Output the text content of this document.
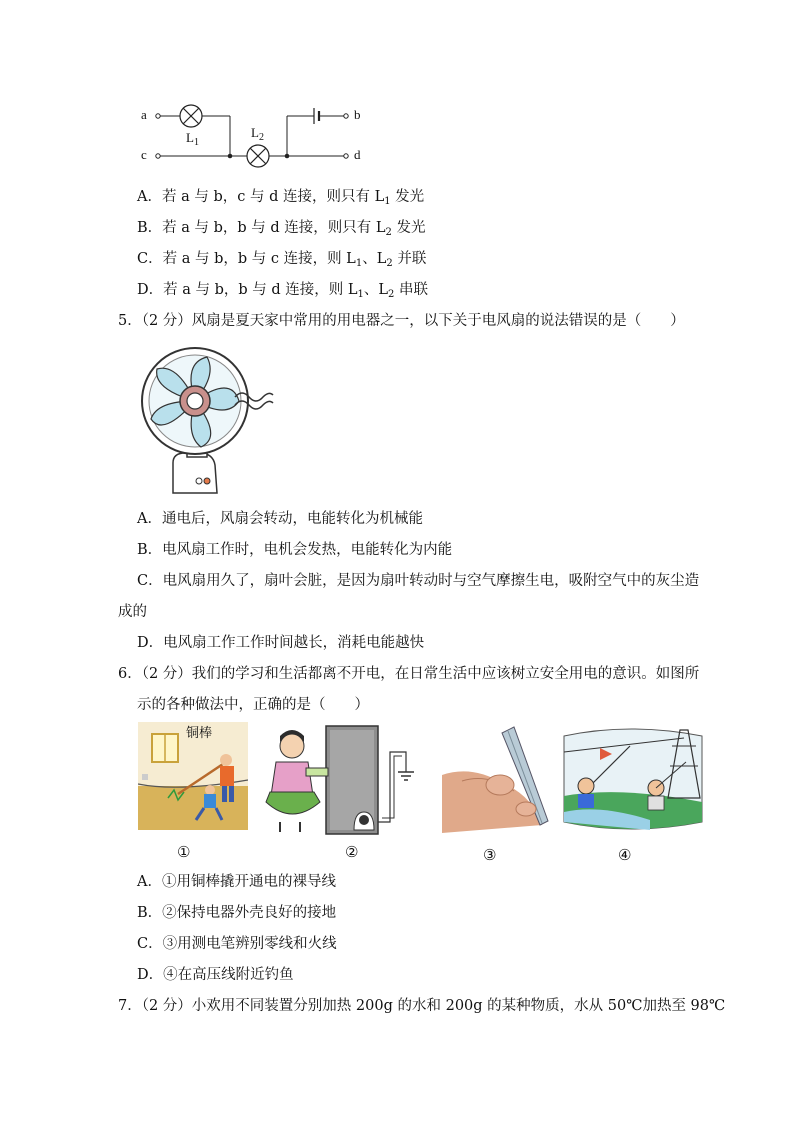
a
c
b
d
$L_1$
$L_2$
A．若 a 与 b，c 与 d 连接，则只有 $L_1$ 发光
B．若 a 与 b，b 与 d 连接，则只有 $L_2$ 发光
C．若 a 与 b，b 与 c 连接，则 $L_1$、$L_2$ 并联
D．若 a 与 b，b 与 d 连接，则 $L_1$、$L_2$ 串联
5．（2 分）风扇是夏天家中常用的用电器之一，以下关于电风扇的说法错误的是（　　）
A．通电后，风扇会转动，电能转化为机械能
B．电风扇工作时，电机会发热，电能转化为内能
C．电风扇用久了，扇叶会脏，是因为扇叶转动时与空气摩擦生电，吸附空气中的灰尘造
成的
D．电风扇工作工作时间越长，消耗电能越快
6．（2 分）我们的学习和生活都离不开电，在日常生活中应该树立安全用电的意识。如图所
示的各种做法中，正确的是（　　）
铜棒
①	②	③	④
A．①用铜棒撬开通电的裸导线
B．②保持电器外壳良好的接地
C．③用测电笔辨别零线和火线
D．④在高压线附近钓鱼
7．（2 分）小欢用不同装置分别加热 200g 的水和 200g 的某种物质，水从 50℃加热至 98℃
